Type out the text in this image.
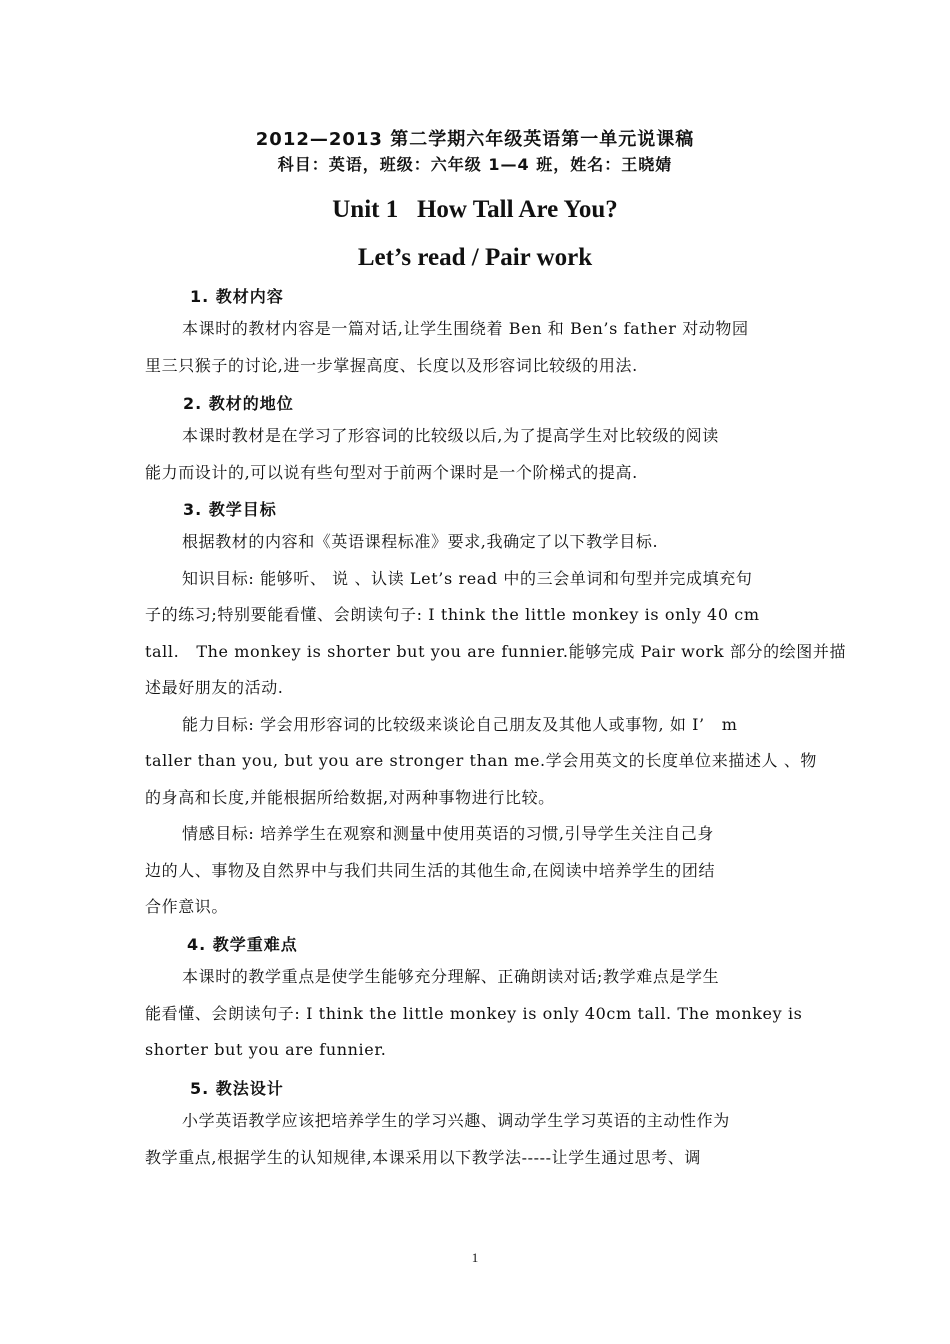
2012—2013 第二学期六年级英语第一单元说课稿
科目：英语，班级：六年级 1—4 班，姓名：王晓婧
Unit 1   How Tall Are You?
Let’s read / Pair work
1. 教材内容
本课时的教材内容是一篇对话,让学生围绕着 Ben 和 Ben’s father 对动物园
里三只猴子的讨论,进一步掌握高度、长度以及形容词比较级的用法.
2. 教材的地位
本课时教材是在学习了形容词的比较级以后,为了提高学生对比较级的阅读
能力而设计的,可以说有些句型对于前两个课时是一个阶梯式的提高.
3. 教学目标
根据教材的内容和《英语课程标准》要求,我确定了以下教学目标.
知识目标: 能够听、 说 、认读 Let’s read 中的三会单词和句型并完成填充句
子的练习;特别要能看懂、会朗读句子: I think the little monkey is only 40 cm
tall.   The monkey is shorter but you are funnier.能够完成 Pair work 部分的绘图并描
述最好朋友的活动.
能力目标: 学会用形容词的比较级来谈论自己朋友及其他人或事物, 如 I’   m
taller than you, but you are stronger than me.学会用英文的长度单位来描述人 、物
的身高和长度,并能根据所给数据,对两种事物进行比较。
情感目标: 培养学生在观察和测量中使用英语的习惯,引导学生关注自己身
边的人、事物及自然界中与我们共同生活的其他生命,在阅读中培养学生的团结
合作意识。
4. 教学重难点
本课时的教学重点是使学生能够充分理解、正确朗读对话;教学难点是学生
能看懂、会朗读句子: I think the little monkey is only 40cm tall. The monkey is
shorter but you are funnier.
5. 教法设计
小学英语教学应该把培养学生的学习兴趣、调动学生学习英语的主动性作为
教学重点,根据学生的认知规律,本课采用以下教学法-----让学生通过思考、调
1
